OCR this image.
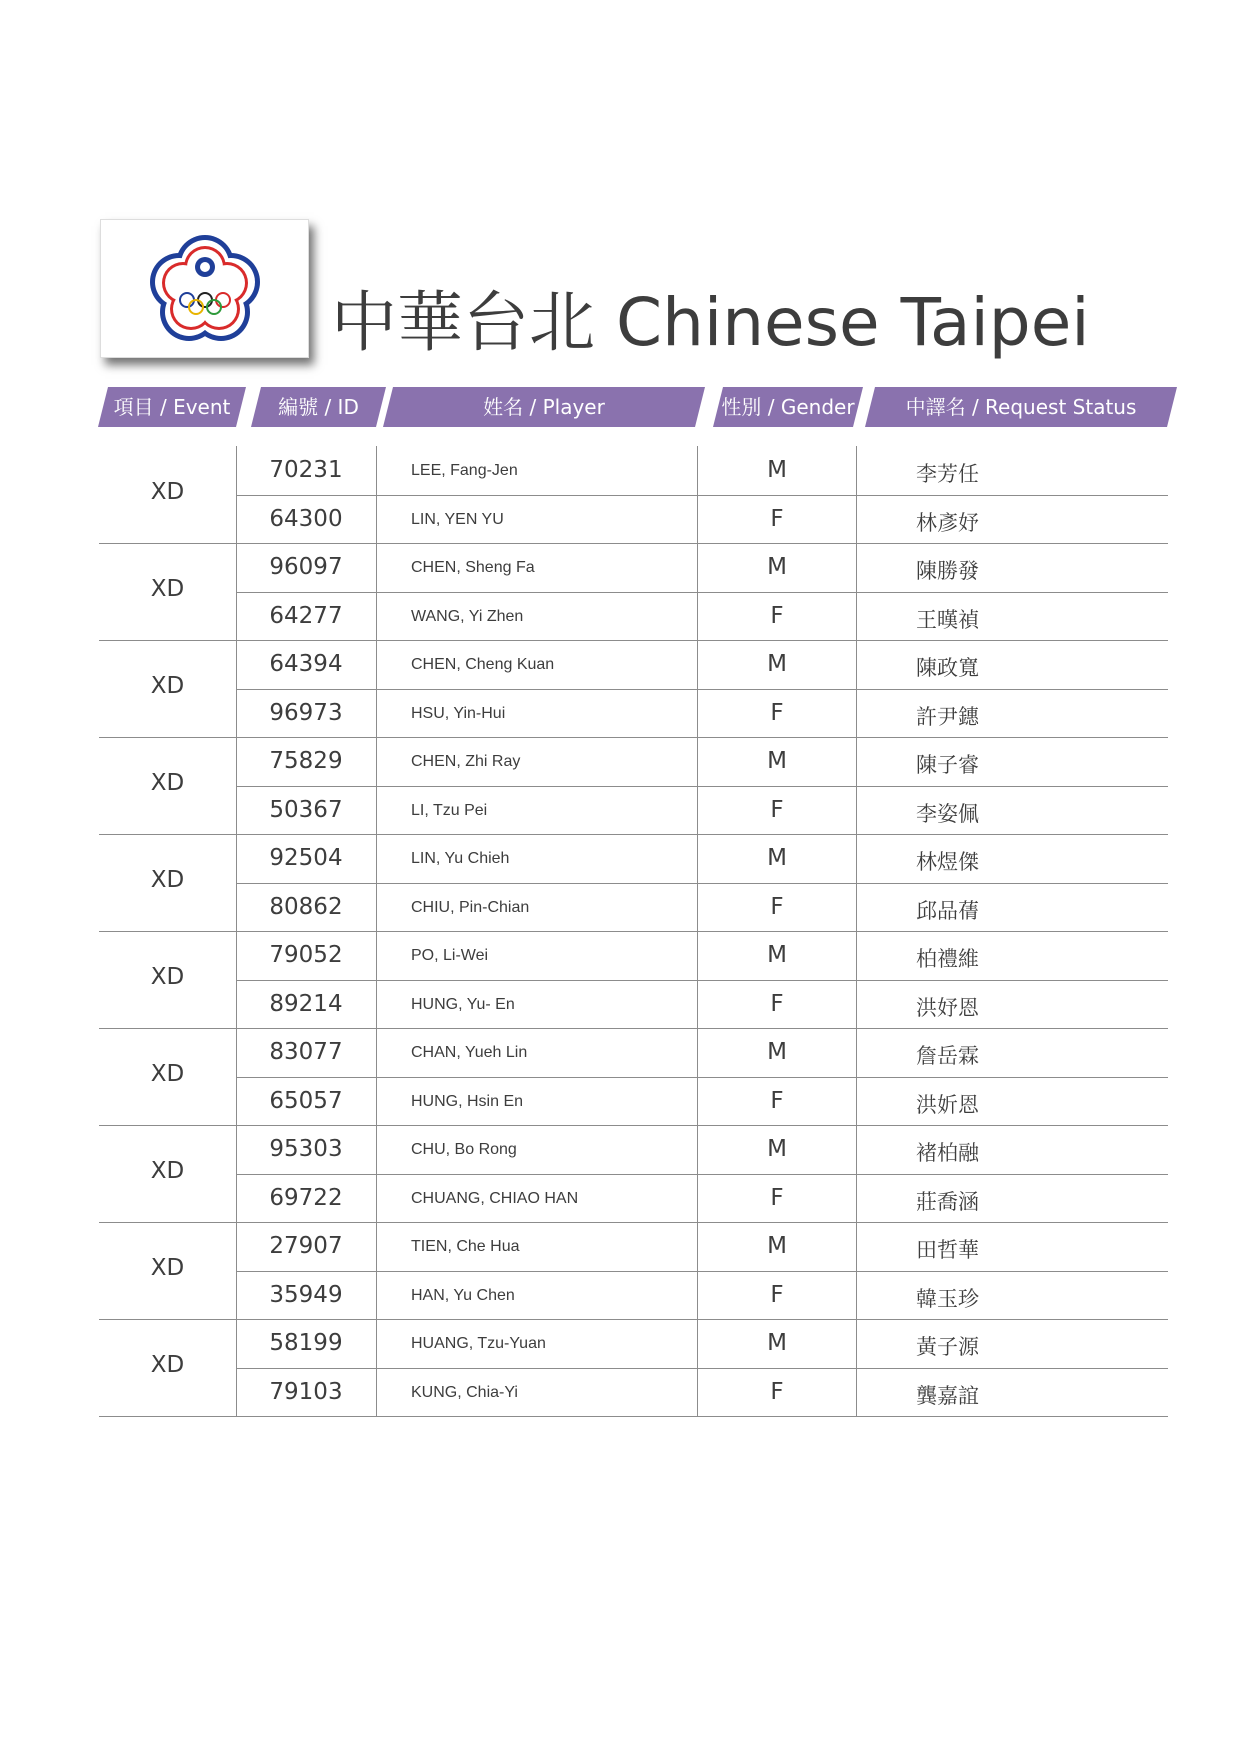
中華台北 Chinese Taipei
項目 / Event	編號 / ID	姓名 / Player	性別 / Gender	中譯名 / Request Status
XD
70231	LEE, Fang-Jen	M	李芳任
64300	LIN, YEN YU	F	林彥妤
XD
96097	CHEN, Sheng Fa	M	陳勝發
64277	WANG, Yi Zhen	F	王暵禎
XD
64394	CHEN, Cheng Kuan	M	陳政寬
96973	HSU, Yin-Hui	F	許尹鏸
XD
75829	CHEN, Zhi Ray	M	陳子睿
50367	LI, Tzu Pei	F	李姿佩
XD
92504	LIN, Yu Chieh	M	林煜傑
80862	CHIU, Pin-Chian	F	邱品蒨
XD
79052	PO, Li-Wei	M	柏禮維
89214	HUNG, Yu- En	F	洪妤恩
XD
83077	CHAN, Yueh Lin	M	詹岳霖
65057	HUNG, Hsin En	F	洪妡恩
XD
95303	CHU, Bo Rong	M	褚柏融
69722	CHUANG, CHIAO HAN	F	莊喬涵
XD
27907	TIEN, Che Hua	M	田哲華
35949	HAN, Yu Chen	F	韓玉珍
XD
58199	HUANG, Tzu-Yuan	M	黃子源
79103	KUNG, Chia-Yi	F	龔嘉誼
